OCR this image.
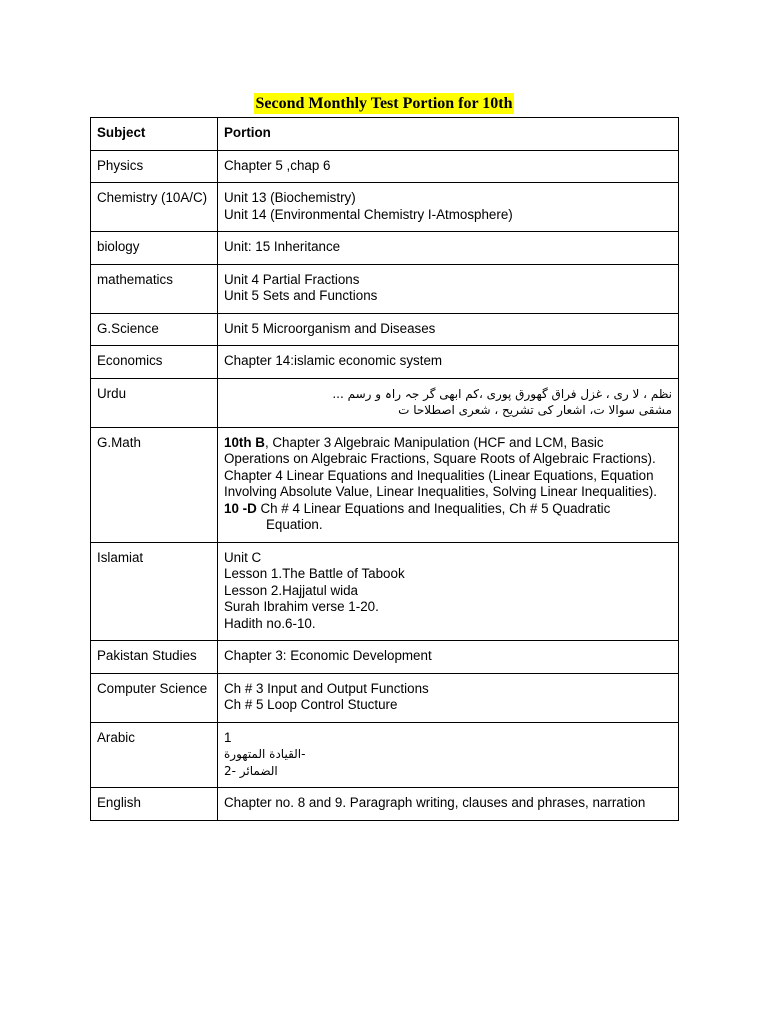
Second Monthly Test Portion for 10th
Subject	Portion
Physics	Chapter 5 ,chap 6

Chemistry (10A/C)	Unit 13 (Biochemistry)
Unit 14 (Environmental Chemistry I-Atmosphere)

biology	Unit: 15 Inheritance

mathematics	Unit 4 Partial Fractions
Unit 5 Sets and Functions

G.Science	Unit 5 Microorganism and Diseases

Economics	Chapter 14:islamic economic system

Urdu	نظم ، لا ری ، غزل فراق گھورق پوری ،کم ابھی گر جہ راہ و رسم ...
مشقی سوالا ت، اشعار کی تشریح ، شعری اصطلاحا ت

G.Math	10th B, Chapter 3 Algebraic Manipulation (HCF and LCM, Basic Operations on Algebraic Fractions, Square Roots of Algebraic Fractions). Chapter 4 Linear Equations and Inequalities (Linear Equations, Equation Involving Absolute Value, Linear Inequalities, Solving Linear Inequalities).
10 -D Ch # 4 Linear Equations and Inequalities, Ch # 5 Quadratic
Equation.

Islamiat	Unit C
Lesson 1.The Battle of Tabook
Lesson 2.Hajjatul wida
Surah Ibrahim verse 1-20.
Hadith no.6-10.

Pakistan Studies	Chapter 3: Economic Development

Computer Science	Ch # 3 Input and Output Functions
Ch # 5 Loop Control Stucture

Arabic	1
القيادة المتهورة-
الضمائر -2

English	Chapter no. 8 and 9. Paragraph writing, clauses and phrases, narration
